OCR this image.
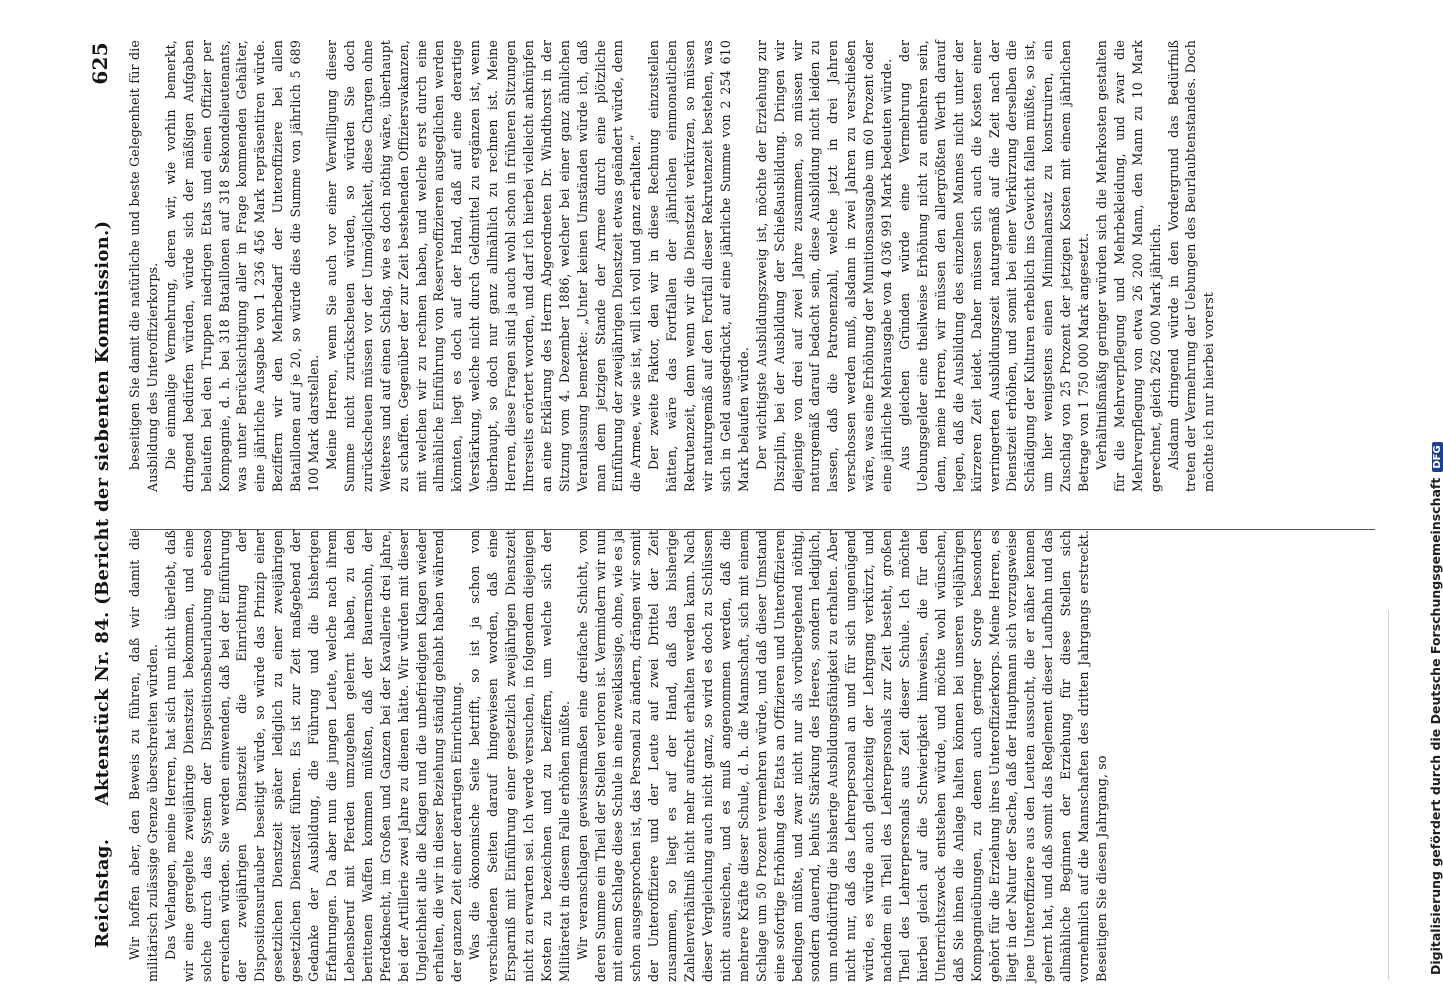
Reichstag.
Aktenstück Nr. 84. (Bericht der siebenten Kommission.)
625

Wir hoffen aber, den Beweis zu führen, daß wir damit die militärisch zulässige Grenze überschreiten würden. Das Verlangen, meine Herren, hat sich nun nicht überlebt, daß wir eine geregelte zweijährige Dienstzeit bekommen, und eine solche durch das System der Dispositionsbeurlaubung ebenso erreichen würden. Sie werden einwenden, daß bei der Einführung der zweijährigen Dienstzeit die Einrichtung der Dispositionsurlauber beseitigt würde, so würde das Prinzip einer gesetzlichen Dienstzeit später lediglich zu einer zweijährigen gesetzlichen Dienstzeit führen. Es ist zur Zeit maßgebend der Gedanke der Ausbildung, die Führung und die bisherigen Erfahrungen. Da aber nun die jungen Leute, welche nach ihrem Lebensberuf mit Pferden umzugehen gelernt haben, zu den berittenen Waffen kommen müßten, daß der Bauernsohn, der Pferdeknecht, im Großen und Ganzen bei der Kavallerie drei Jahre, bei der Artillerie zwei Jahre zu dienen hätte. Wir würden mit dieser Ungleichheit alle die Klagen und die unbefriedigten Klagen wieder erhalten, die wir in dieser Beziehung ständig gehabt haben während der ganzen Zeit einer derartigen Einrichtung. Was die ökonomische Seite betrifft, so ist ja schon von verschiedenen Seiten darauf hingewiesen worden, daß eine Ersparniß mit Einführung einer gesetzlich zweijährigen Dienstzeit nicht zu erwarten sei. Ich werde versuchen, in folgendem diejenigen Kosten zu bezeichnen und zu beziffern, um welche sich der Militäretat in diesem Falle erhöhen müßte. Wir veranschlagen gewissermaßen eine dreifache Schicht, von deren Summe ein Theil der Stellen verloren ist. Vermindern wir nun mit einem Schlage diese Schule in eine zweiklassige, ohne, wie es ja schon ausgesprochen ist, das Personal zu ändern, drängen wir somit der Unteroffiziere und der Leute auf zwei Drittel der Zeit zusammen, so liegt es auf der Hand, daß das bisherige Zahlenverhältniß nicht mehr aufrecht erhalten werden kann. Nach dieser Vergleichung auch nicht ganz, so wird es doch zu Schlüssen nicht ausreichen, und es muß angenommen werden, daß die mehrere Kräfte dieser Schule, d. h. die Mannschaft, sich mit einem Schlage um 50 Prozent vermehren würde, und daß dieser Umstand eine sofortige Erhöhung des Etats an Offizieren und Unteroffizieren bedingen müßte, und zwar nicht nur als vorübergehend nöthig, sondern dauernd, behufs Stärkung des Heeres, sondern lediglich, um nothdürftig die bisherige Ausbildungsfähigkeit zu erhalten. Aber nicht nur, daß das Lehrerpersonal an und für sich ungenügend würde, es würde auch gleichzeitig der Lehrgang verkürzt, und nachdem ein Theil des Lehrerpersonals zur Zeit besteht, großen Theil des Lehrerpersonals aus Zeit dieser Schule. Ich möchte hierbei gleich auf die Schwierigkeit hinweisen, die für den Unterrichtszweck entstehen würde, und möchte wohl wünschen, daß Sie ihnen die Anlage halten können bei unseren vieljährigen Kompagnieübungen, zu denen auch geringer Sorge besonders gehört für die Erziehung ihres Unteroffizierkorps. Meine Herren, es liegt in der Natur der Sache, daß der Hauptmann sich vorzugsweise jene Unteroffiziere aus den Leuten aussucht, die er näher kennen gelernt hat, und daß somit das Reglement dieser Laufbahn und das allmähliche Beginnen der Erziehung für diese Stellen sich vornehmlich auf die Mannschaften des dritten Jahrgangs erstreckt. Beseitigen Sie diesen Jahrgang, so

beseitigen Sie damit die natürliche und beste Gelegenheit für die Ausbildung des Unteroffizierkorps. Die einmalige Vermehrung, deren wir, wie vorhin bemerkt, dringend bedürfen würden, würde sich der mäßigen Aufgaben belaufen bei den Truppen niedrigen Etats und einen Offizier per Kompagnie, d. h. bei 318 Bataillonen auf 318 Sekondelieutenants, was unter Berücksichtigung aller in Frage kommenden Gehälter, eine jährliche Ausgabe von 1 236 456 Mark repräsentiren würde. Beziffern wir den Mehrbedarf der Unteroffiziere bei allen Bataillonen auf je 20, so würde dies die Summe von jährlich 5 689 100 Mark darstellen. Meine Herren, wenn Sie auch vor einer Verwilligung dieser Summe nicht zurückscheuen würden, so würden Sie doch zurückscheuen müssen vor der Unmöglichkeit, diese Chargen ohne Weiteres und auf einen Schlag, wie es doch nöthig wäre, überhaupt zu schaffen. Gegenüber der zur Zeit bestehenden Offiziersvakanzen, mit welchen wir zu rechnen haben, und welche erst durch eine allmähliche Einführung von Reserveoffizieren ausgeglichen werden könnten, liegt es doch auf der Hand, daß auf eine derartige Verstärkung, welche nicht durch Geldmittel zu ergänzen ist, wenn überhaupt, so doch nur ganz allmählich zu rechnen ist. Meine Herren, diese Fragen sind ja auch wohl schon in früheren Sitzungen Ihrerseits erörtert worden, und darf ich hierbei vielleicht anknüpfen an eine Erklärung des Herrn Abgeordneten Dr. Windthorst in der Sitzung vom 4. Dezember 1886, welcher bei einer ganz ähnlichen Veranlassung bemerkte: „Unter keinen Umständen würde ich, daß man dem jetzigen Stande der Armee durch eine plötzliche Einführung der zweijährigen Dienstzeit etwas geändert würde, denn die Armee, wie sie ist, will ich voll und ganz erhalten.“ Der zweite Faktor, den wir in diese Rechnung einzustellen hätten, wäre das Fortfallen der jährlichen einmonatlichen Rekrutenzeit, denn wenn wir die Dienstzeit verkürzen, so müssen wir naturgemäß auf den Fortfall dieser Rekrutenzeit bestehen, was sich in Geld ausgedrückt, auf eine jährliche Summe von 2 254 610 Mark belaufen würde. Der wichtigste Ausbildungszweig ist, möchte der Erziehung zur Disziplin, bei der Ausbildung der Schießausbildung. Dringen wir diejenige von drei auf zwei Jahre zusammen, so müssen wir naturgemäß darauf bedacht sein, diese Ausbildung nicht leiden zu lassen, daß die Patronenzahl, welche jetzt in drei Jahren verschossen werden muß, alsdann in zwei Jahren zu verschießen wäre, was eine Erhöhung der Munitionsausgabe um 60 Prozent oder eine jährliche Mehrausgabe von 4 036 991 Mark bedeuten würde. Aus gleichen Gründen würde eine Vermehrung der Uebungsgelder eine theilweise Erhöhung nicht zu entbehren sein, denn, meine Herren, wir müssen den allergrößten Werth darauf legen, daß die Ausbildung des einzelnen Mannes nicht unter der kürzeren Zeit leidet. Daher müssen sich auch die Kosten einer verringerten Ausbildungszeit naturgemäß auf die Zeit nach der Dienstzeit erhöhen, und somit bei einer Verkürzung derselben die Schädigung der Kulturen erheblich ins Gewicht fallen müßte, so ist, um hier wenigstens einen Minimalansatz zu konstruiren, ein Zuschlag von 25 Prozent der jetzigen Kosten mit einem jährlichen Betrage von 1 750 000 Mark angesetzt. Verhältnißmäßig geringer würden sich die Mehrkosten gestalten für die Mehrverpflegung und Mehrbekleidung, und zwar die Mehrverpflegung von etwa 26 200 Mann, den Mann zu 10 Mark gerechnet, gleich 262 000 Mark jährlich. Alsdann dringend würde in den Vordergrund das Bedürfniß treten der Vermehrung der Uebungen des Beurlaubtenstandes. Doch möchte ich nur hierbei vorerst

Digitalisierung gefördert durch die Deutsche ForschungsgemeinschaftDFG
